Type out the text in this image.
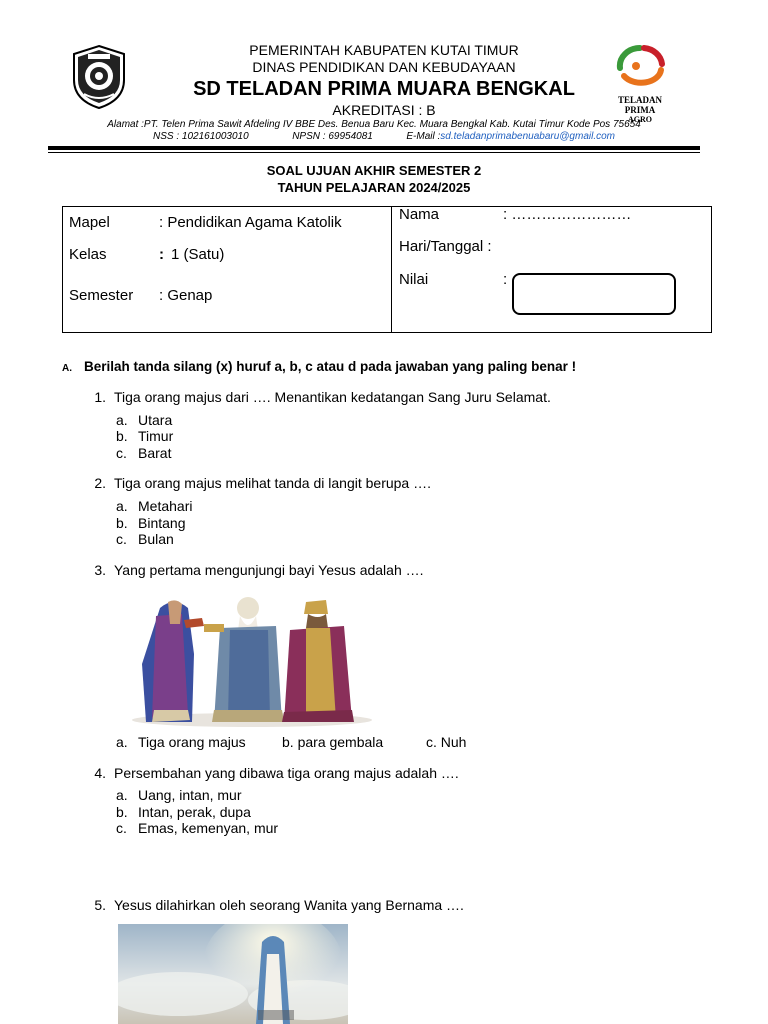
TELADAN PRIMA
AGRO
PEMERINTAH KABUPATEN KUTAI TIMUR
DINAS PENDIDIKAN DAN KEBUDAYAAN
SD TELADAN PRIMA MUARA BENGKAL
AKREDITASI : B
Alamat :PT. Telen Prima Sawit Afdeling IV BBE Des. Benua Baru Kec. Muara Bengkal Kab. Kutai Timur Kode Pos 75654
NSS : 102161003010	NPSN : 69954081	E-Mail :sd.teladanprimabenuabaru@gmail.com
SOAL UJUAN AKHIR SEMESTER 2
TAHUN PELAJARAN 2024/2025
Mapel	: Pendidikan Agama Katolik
Kelas	: 1 (Satu)
Semester : Genap
Nama	: ……………………
Hari/Tanggal :
Nilai	:
A. Berilah tanda silang (x) huruf a, b, c atau d pada jawaban yang paling benar !
1. Tiga orang majus dari …. Menantikan kedatangan Sang Juru Selamat.
a. Utara
b. Timur
c. Barat
2. Tiga orang majus melihat tanda di langit berupa ….
a. Metahari
b. Bintang
c. Bulan
3. Yang pertama mengunjungi bayi Yesus adalah ….
a. Tiga orang majus	b. para gembala	c. Nuh
4. Persembahan yang dibawa tiga orang majus adalah ….
a. Uang, intan, mur
b. Intan, perak, dupa
c. Emas, kemenyan, mur
5. Yesus dilahirkan oleh seorang Wanita yang Bernama ….
